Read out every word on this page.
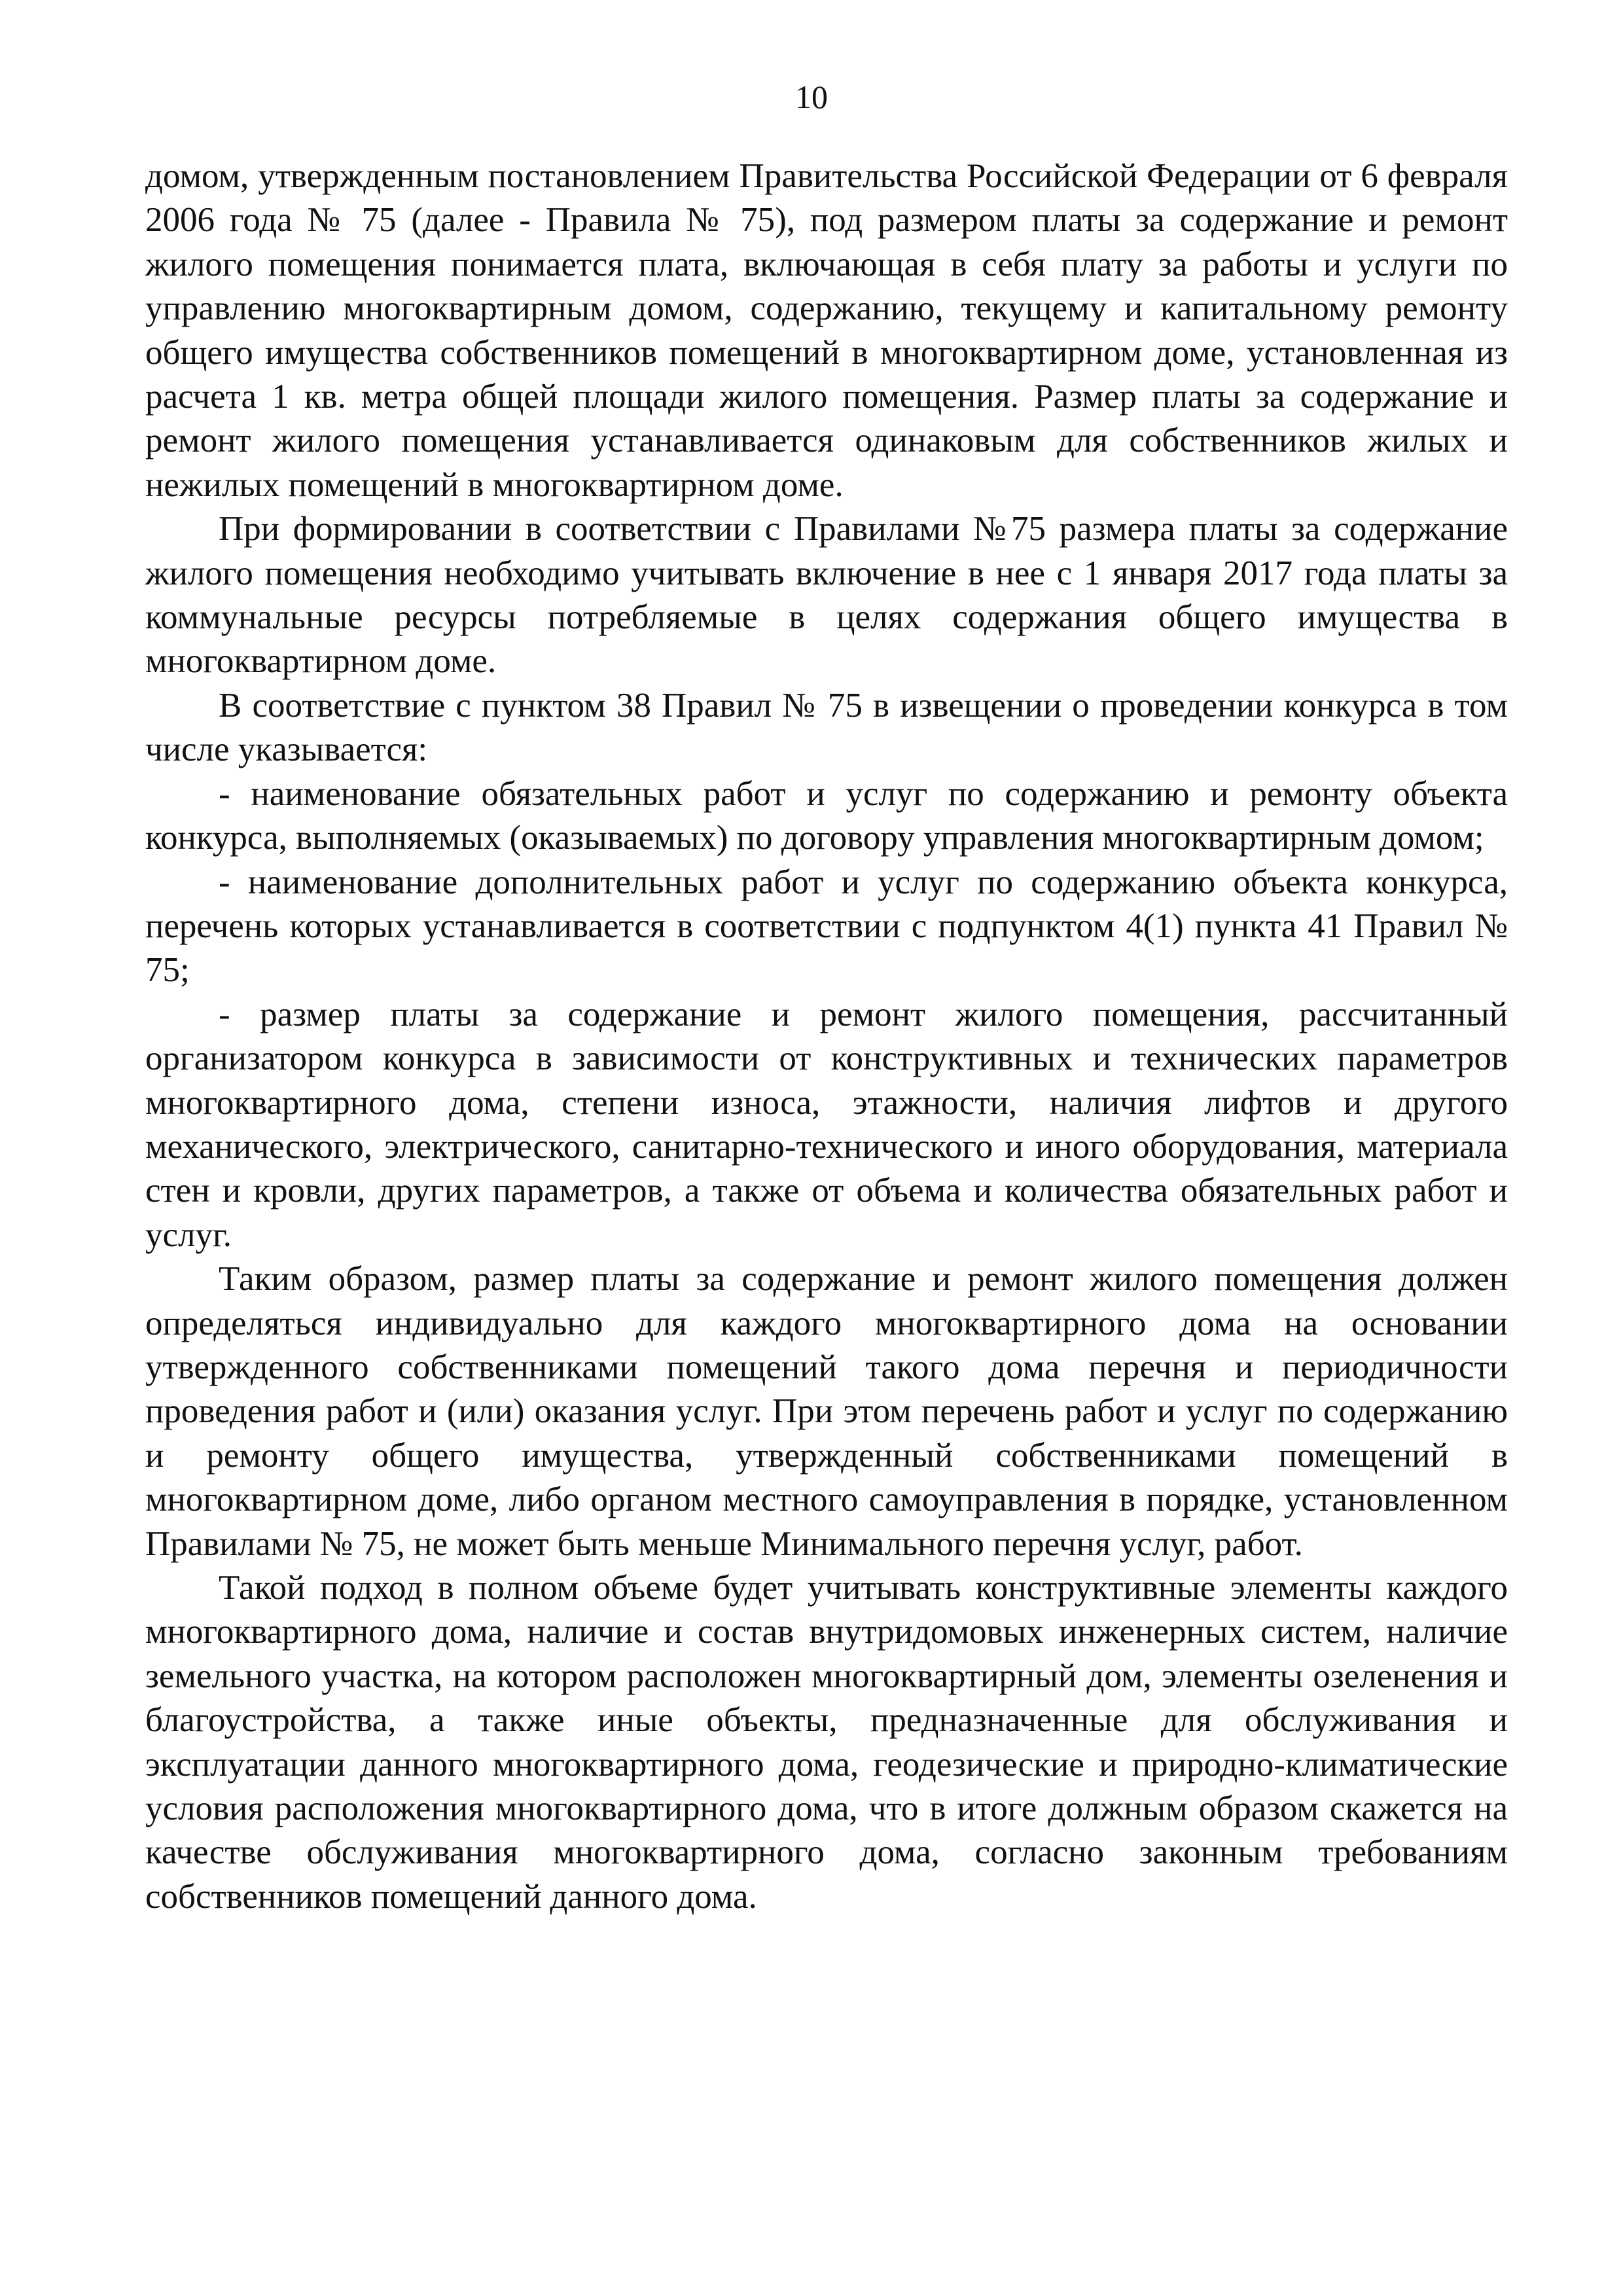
10

домом, утвержденным постановлением Правительства Российской Федерации от 6 февраля 2006 года № 75 (далее - Правила № 75), под размером платы за содержание и ремонт жилого помещения понимается плата, включающая в себя плату за работы и услуги по управлению многоквартирным домом, содержанию, текущему и капитальному ремонту общего имущества собственников помещений в многоквартирном доме, установленная из расчета 1 кв. метра общей площади жилого помещения. Размер платы за содержание и ремонт жилого помещения устанавливается одинаковым для собственников жилых и нежилых помещений в многоквартирном доме.

При формировании в соответствии с Правилами №75 размера платы за содержание жилого помещения необходимо учитывать включение в нее с 1 января 2017 года платы за коммунальные ресурсы потребляемые в целях содержания общего имущества в многоквартирном доме.

В соответствие с пунктом 38 Правил № 75 в извещении о проведении конкурса в том числе указывается:

- наименование обязательных работ и услуг по содержанию и ремонту объекта конкурса, выполняемых (оказываемых) по договору управления многоквартирным домом;

- наименование дополнительных работ и услуг по содержанию объекта конкурса, перечень которых устанавливается в соответствии с подпунктом 4(1) пункта 41 Правил № 75;

- размер платы за содержание и ремонт жилого помещения, рассчитанный организатором конкурса в зависимости от конструктивных и технических параметров многоквартирного дома, степени износа, этажности, наличия лифтов и другого механического, электрического, санитарно-технического и иного оборудования, материала стен и кровли, других параметров, а также от объема и количества обязательных работ и услуг.

Таким образом, размер платы за содержание и ремонт жилого помещения должен определяться индивидуально для каждого многоквартирного дома на основании утвержденного собственниками помещений такого дома перечня и периодичности проведения работ и (или) оказания услуг. При этом перечень работ и услуг по содержанию и ремонту общего имущества, утвержденный собственниками помещений в многоквартирном доме, либо органом местного самоуправления в порядке, установленном Правилами № 75, не может быть меньше Минимального перечня услуг, работ.

Такой подход в полном объеме будет учитывать конструктивные элементы каждого многоквартирного дома, наличие и состав внутридомовых инженерных систем, наличие земельного участка, на котором расположен многоквартирный дом, элементы озеленения и благоустройства, а также иные объекты, предназначенные для обслуживания и эксплуатации данного многоквартирного дома, геодезические и природно-климатические условия расположения многоквартирного дома, что в итоге должным образом скажется на качестве обслуживания многоквартирного дома, согласно законным требованиям собственников помещений данного дома.
